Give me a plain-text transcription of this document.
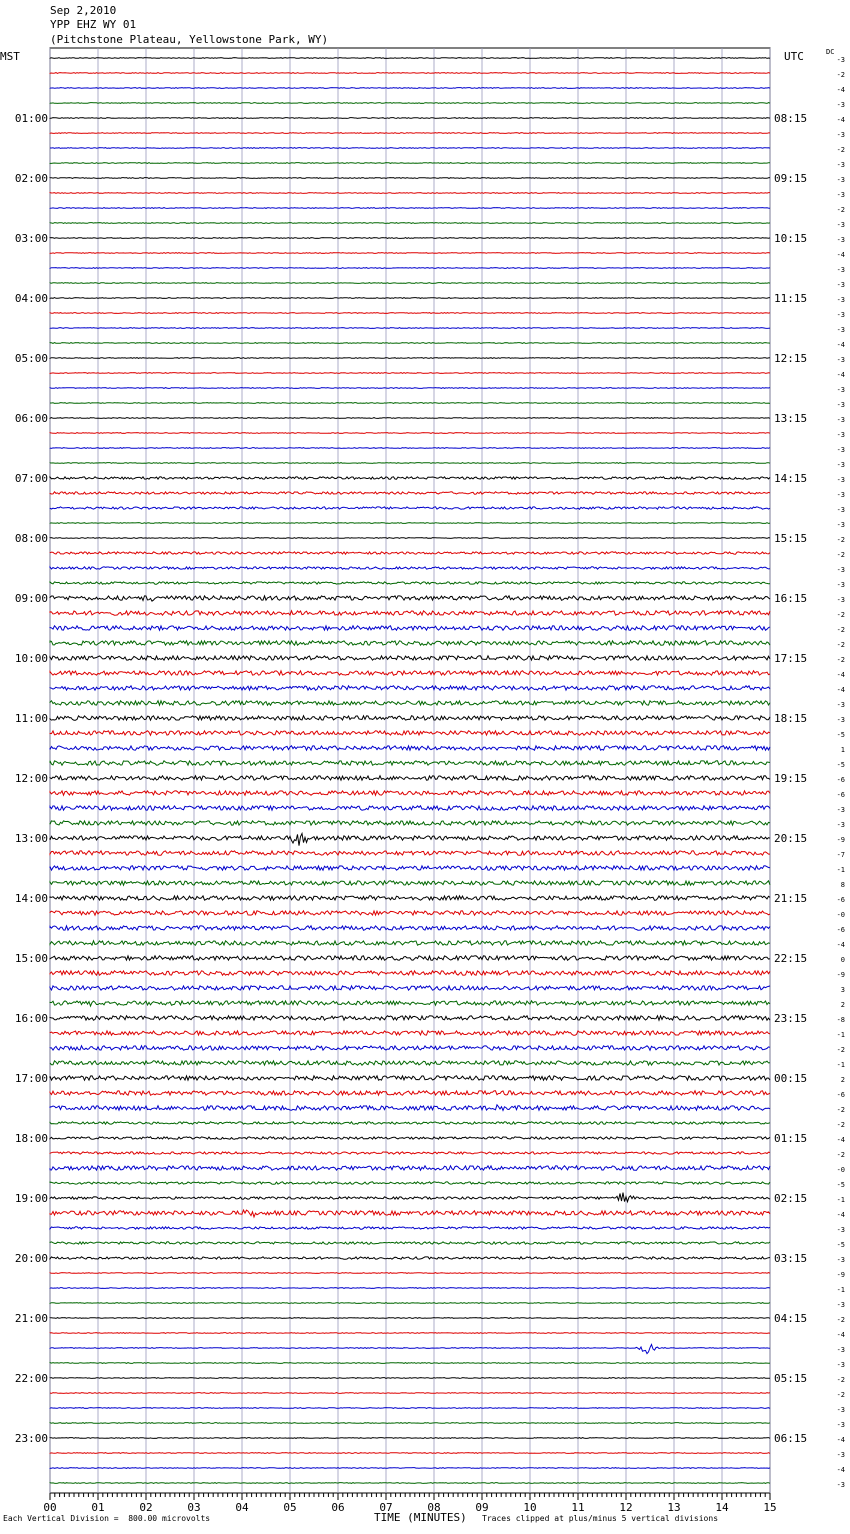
Sep 2,2010
YPP EHZ WY 01
(Pitchstone Plateau, Yellowstone Park, WY)
MST	UTC	DC
01:00
02:00
03:00
04:00
05:00
06:00
07:00
08:00
09:00
10:00
11:00
12:00
13:00
14:00
15:00
16:00
17:00
18:00
19:00
20:00
21:00
22:00
23:00
08:15
09:15
10:15
11:15
12:15
13:15
14:15
15:15
16:15
17:15
18:15
19:15
20:15
21:15
22:15
23:15
00:15
01:15
02:15
03:15
04:15
05:15
06:15
-3
-2
-4
-3
-4
-3
-2
-3
-3
-3
-2
-3
-3
-4
-3
-3
-3
-3
-3
-4
-3
-4
-3
-3
-3
-3
-3
-3
-3
-3
-3
-3
-2
-2
-3
-3
-3
-2
-2
-2
-2
-4
-4
-3
-3
-5
1
-5
-6
-6
-3
-3
-9
-7
-1
8
-6
-0
-6
-4
0
-9
3
2
-8
-1
-2
-1
2
-6
-2
-2
-4
-2
-0
-5
-1
-4
-3
-5
-3
-9
-1
-3
-2
-4
-3
-3
-2
-2
-3
-3
-4
-3
-4
-3
00	01	02	03	04	05	06	07	08	09	10	11	12	13	14	15
Each Vertical Division =  800.00 microvolts	TIME (MINUTES) Traces clipped at plus/minus 5 vertical divisions
